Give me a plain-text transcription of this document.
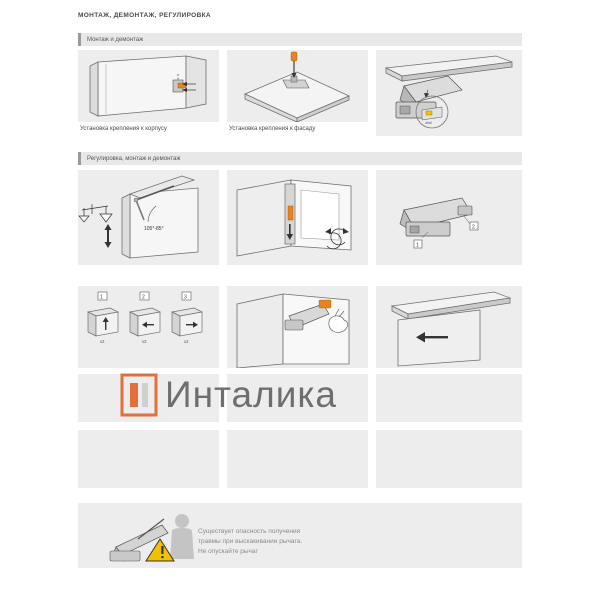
МОНТАЖ, ДЕМОНТАЖ, РЕГУЛИРОВКА
Монтаж и демонтаж
Установка крепления к корпусу	Установка крепления к фасаду
click!
Регулировка, монтаж и демонтаж
105°-85°
1
2
1	2	3
x2	x2	x2
Инталика
Существует опасность получения
травмы при выскакивании рычага.
Не опускайте рычаг
